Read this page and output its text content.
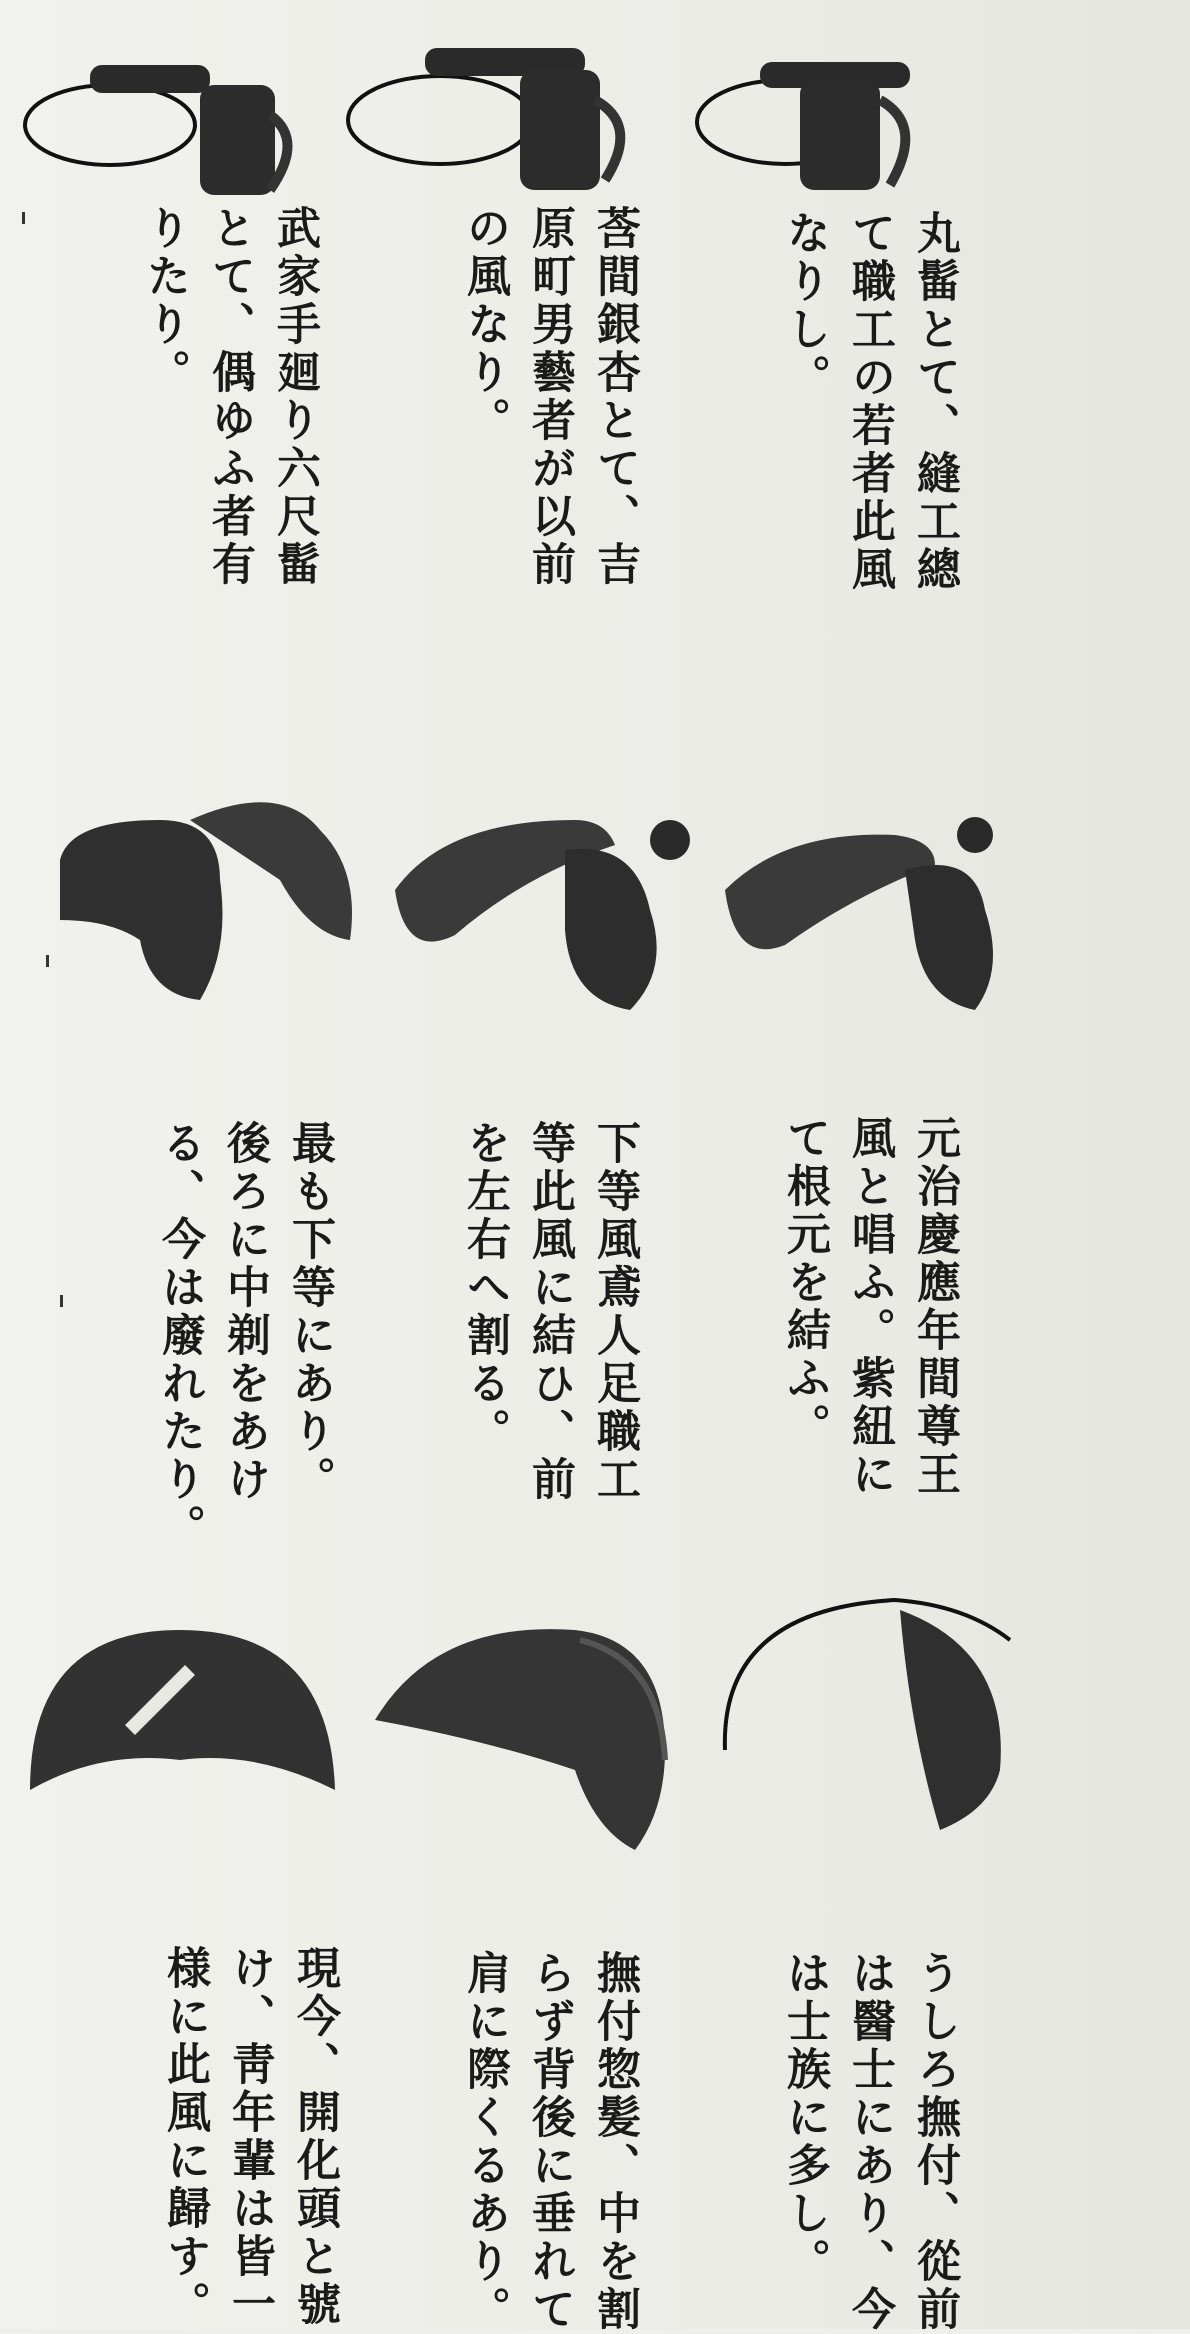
丸髷とて、縫工總
て職工の若者此風
なりし。
莟間銀杏とて、吉
原町男藝者が以前
の風なり。
武家手廻り六尺髷
とて、偶ゆふ者有
りたり。
元治慶應年間尊王
風と唱ふ。紫紐に
て根元を結ふ。
下等風鳶人足職工
等此風に結ひ、前
を左右へ割る。
最も下等にあり。
後ろに中剃をあけ
る、今は廢れたり。
うしろ撫付、從前
は醫士にあり、今
は士族に多し。
撫付惣髪、中を割
らず背後に垂れて
肩に際くるあり。
現今、開化頭と號
け、靑年輩は皆一
様に此風に歸す。
